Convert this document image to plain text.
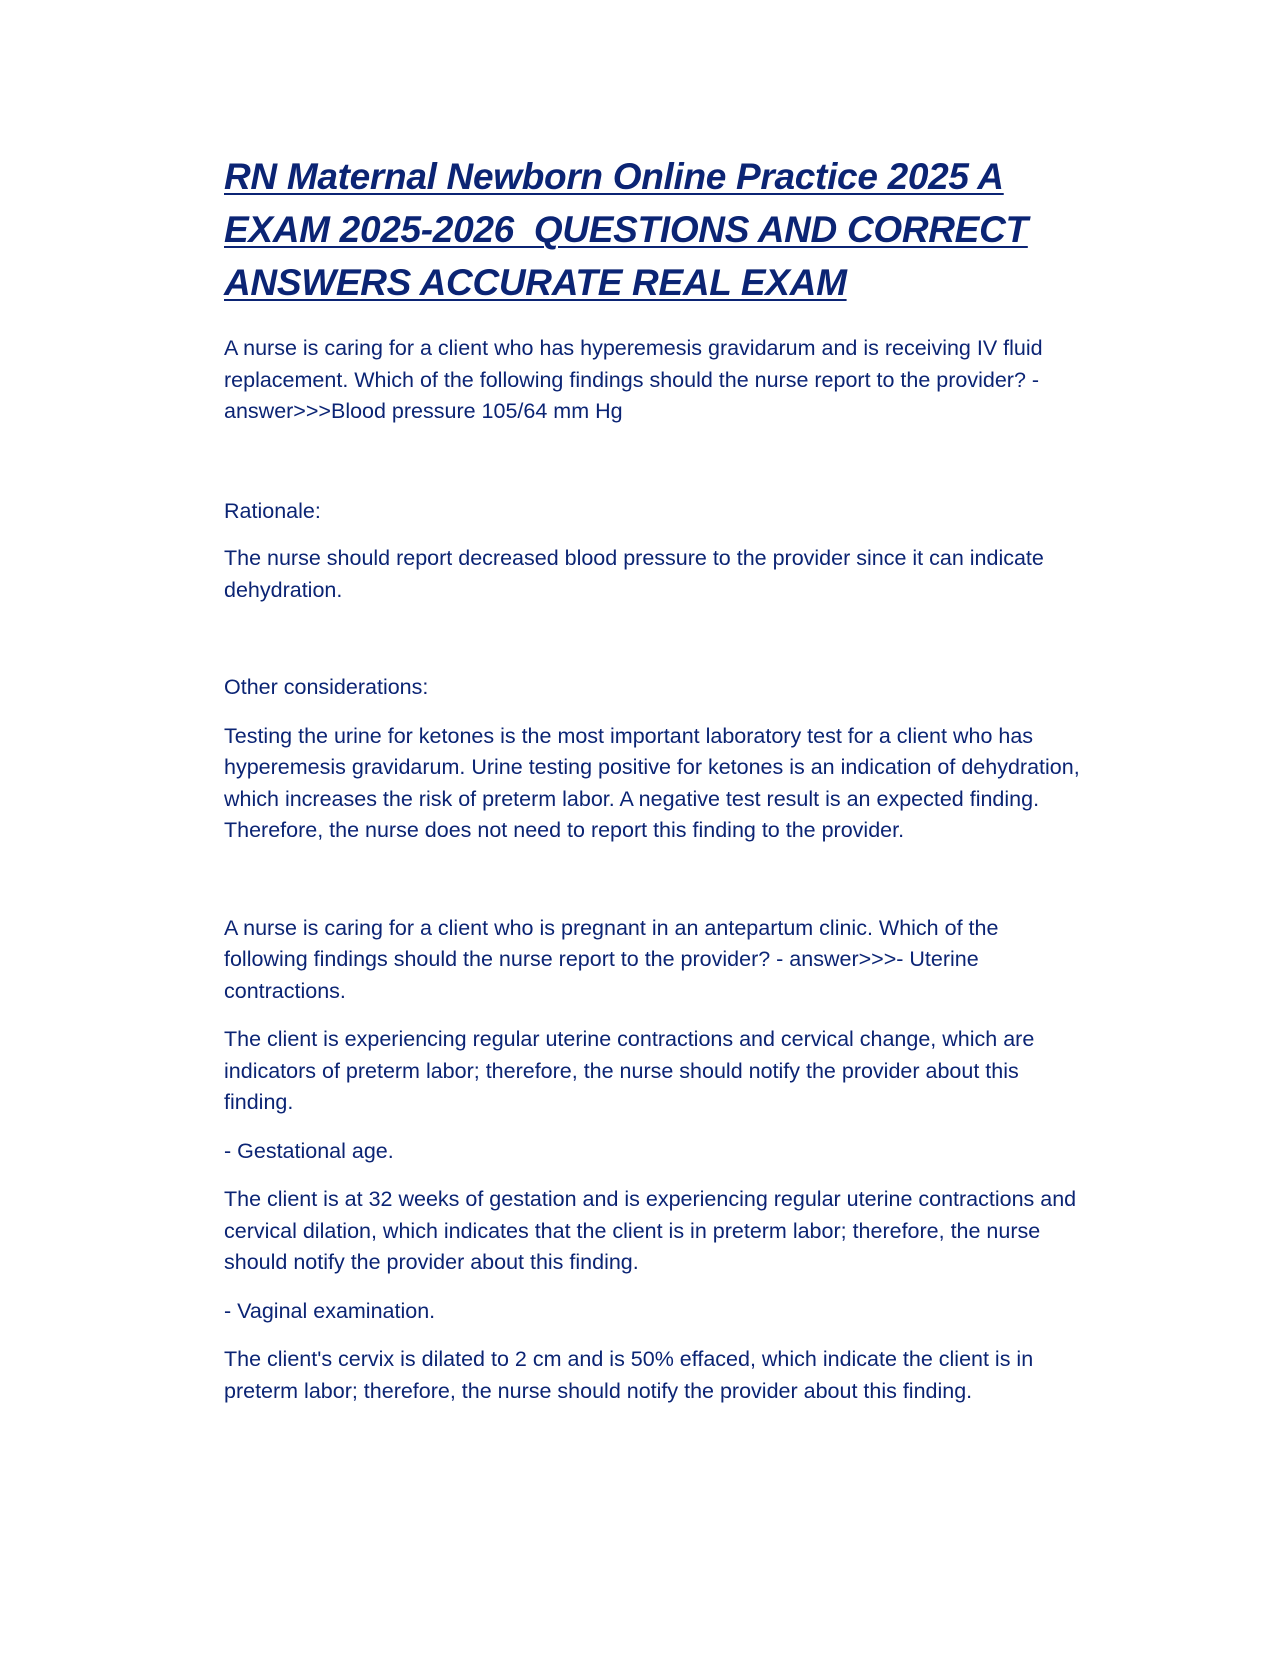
RN Maternal Newborn Online Practice 2025 A
EXAM 2025-2026  QUESTIONS AND CORRECT
ANSWERS ACCURATE REAL EXAM

A nurse is caring for a client who has hyperemesis gravidarum and is receiving IV fluid replacement. Which of the following findings should the nurse report to the provider? - answer>>>Blood pressure 105/64 mm Hg

Rationale:

The nurse should report decreased blood pressure to the provider since it can indicate dehydration.

Other considerations:

Testing the urine for ketones is the most important laboratory test for a client who has hyperemesis gravidarum. Urine testing positive for ketones is an indication of dehydration, which increases the risk of preterm labor. A negative test result is an expected finding. Therefore, the nurse does not need to report this finding to the provider.

A nurse is caring for a client who is pregnant in an antepartum clinic. Which of the following findings should the nurse report to the provider? - answer>>>- Uterine contractions.

The client is experiencing regular uterine contractions and cervical change, which are indicators of preterm labor; therefore, the nurse should notify the provider about this finding.

- Gestational age.

The client is at 32 weeks of gestation and is experiencing regular uterine contractions and cervical dilation, which indicates that the client is in preterm labor; therefore, the nurse should notify the provider about this finding.

- Vaginal examination.

The client's cervix is dilated to 2 cm and is 50% effaced, which indicate the client is in preterm labor; therefore, the nurse should notify the provider about this finding.
